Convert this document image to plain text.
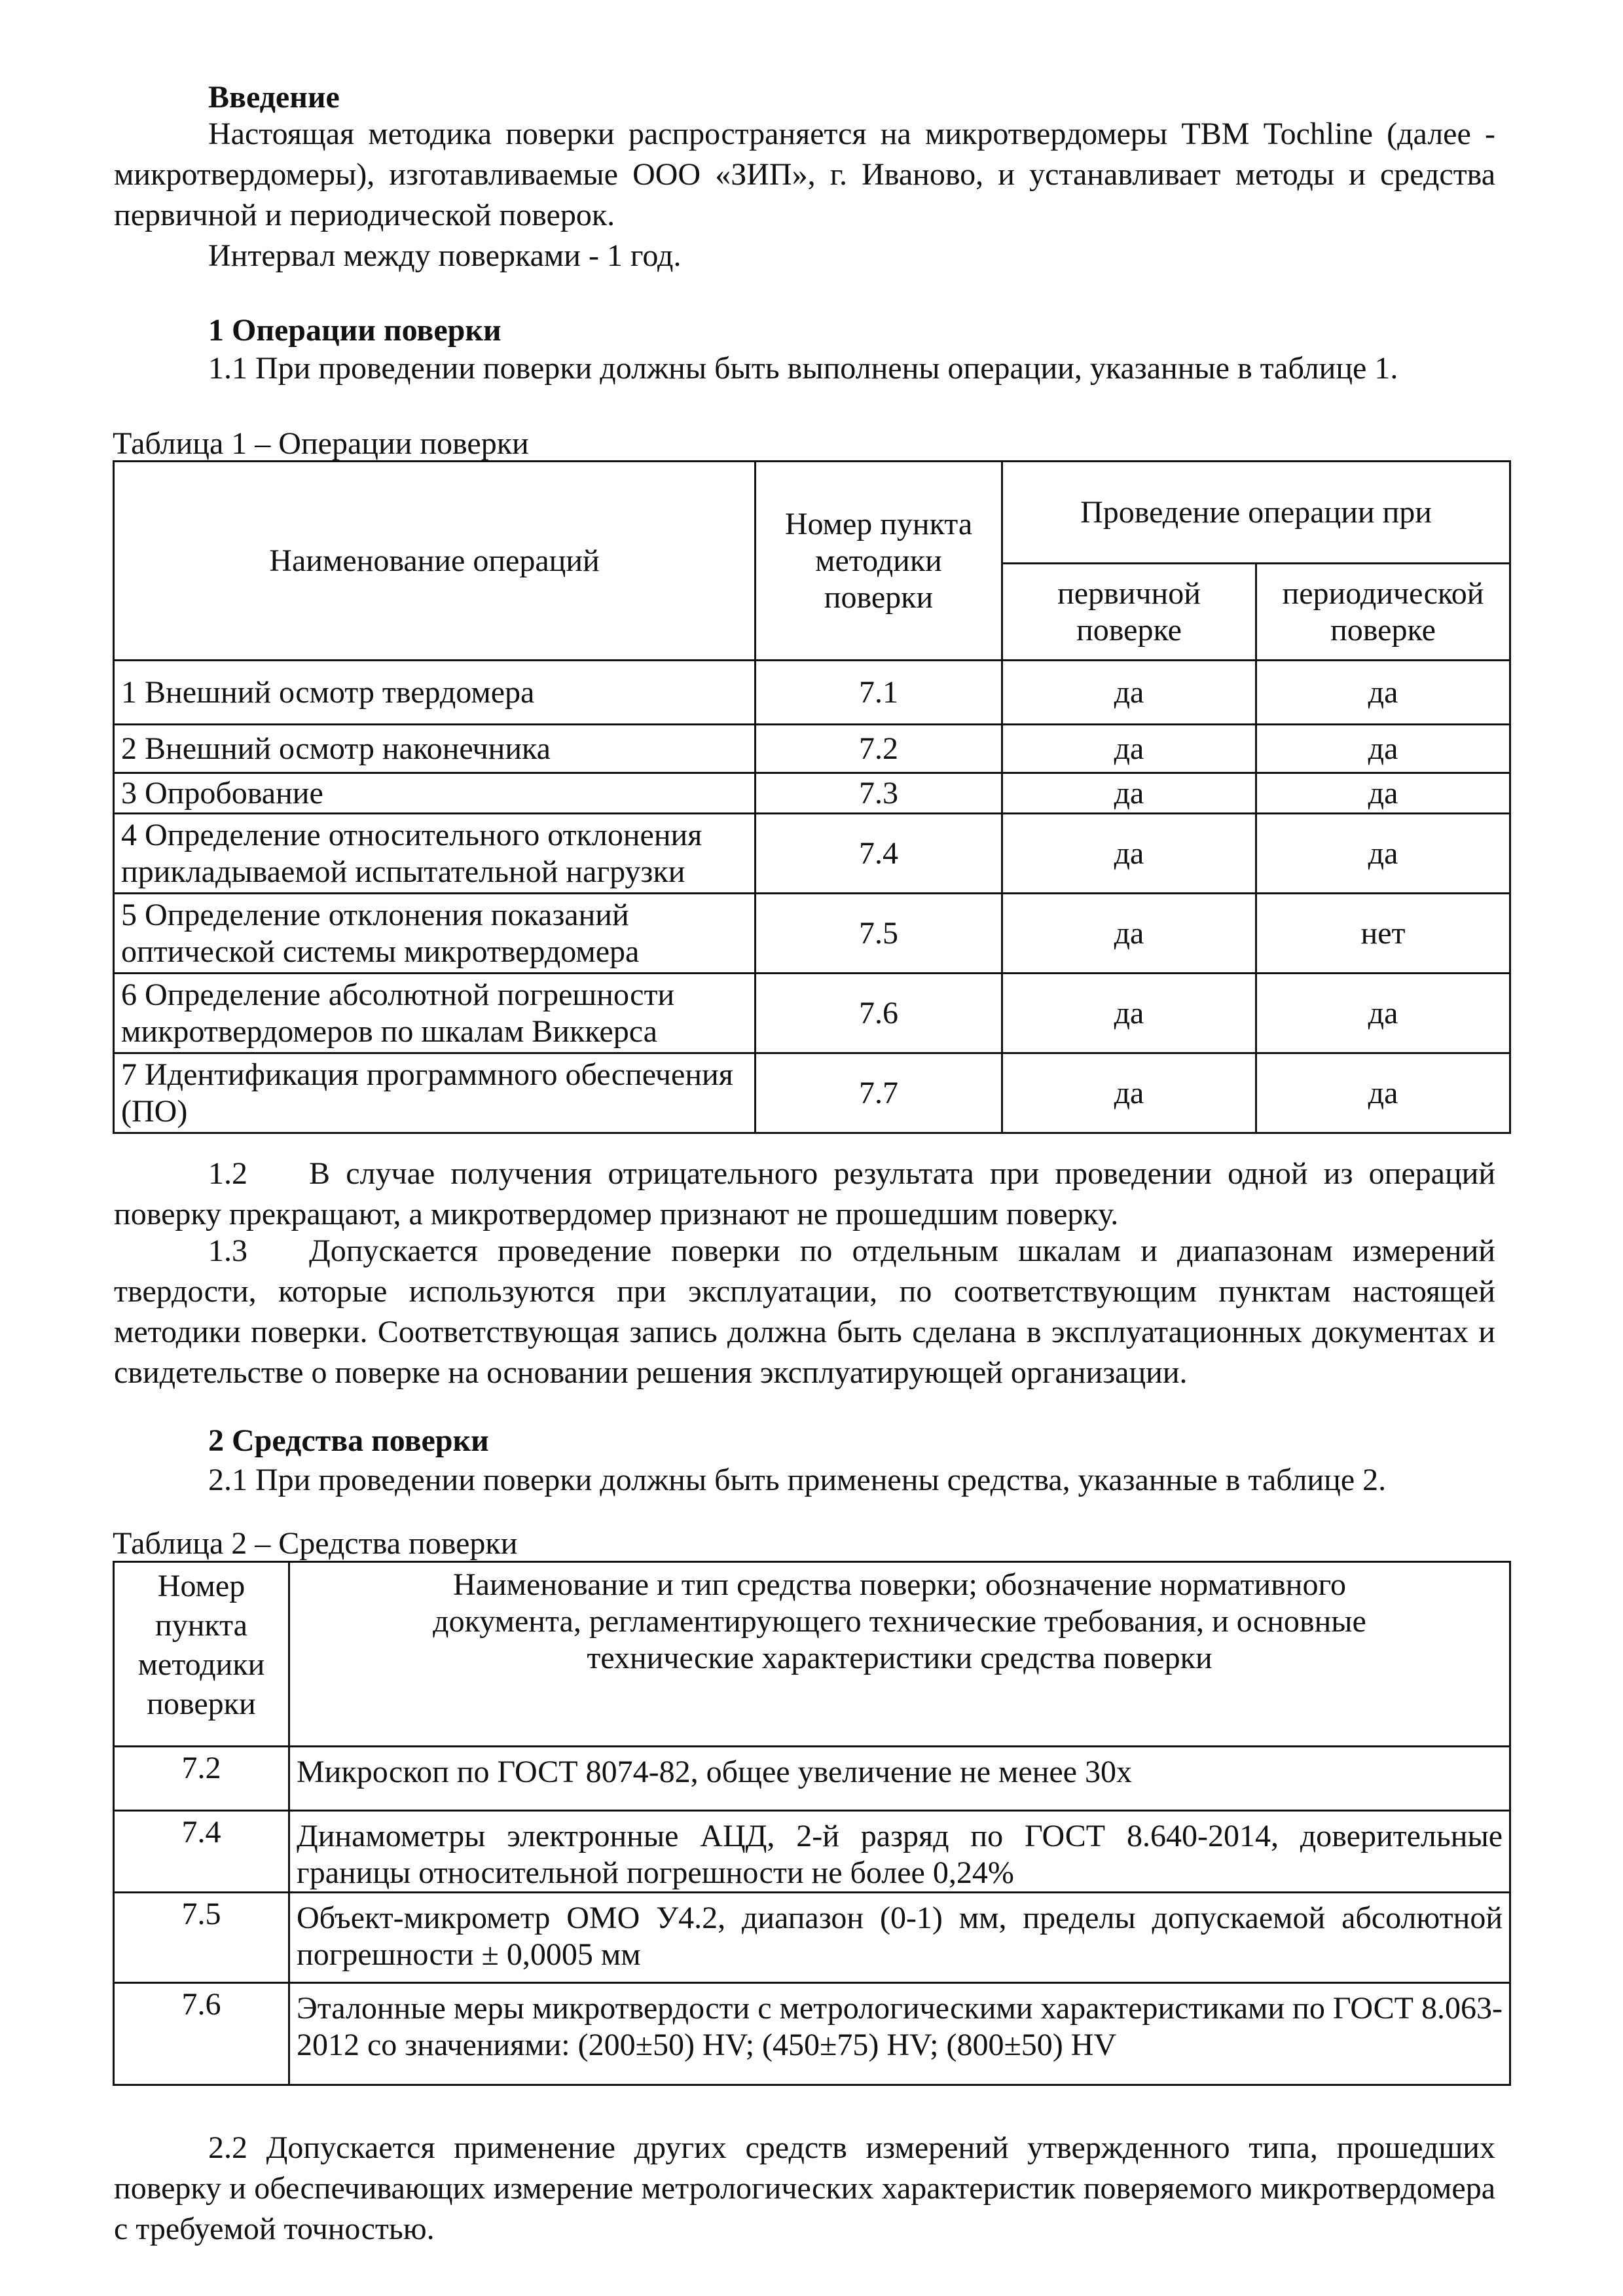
Введение
Настоящая методика поверки распространяется на микротвердомеры ТВМ Tochline (далее - микротвердомеры), изготавливаемые ООО «ЗИП», г. Иваново, и устанавливает методы и средства первичной и периодической поверок.
Интервал между поверками - 1 год.
1 Операции поверки
1.1 При проведении поверки должны быть выполнены операции, указанные в таблице 1.
Таблица 1 – Операции поверки
Наименование операций	Номер пункта методики поверки	Проведение операции при	
		первичной поверке	периодической поверке
1 Внешний осмотр твердомера	7.1	да	да
2 Внешний осмотр наконечника	7.2	да	да
3 Опробование	7.3	да	да
4 Определение относительного отклонения прикладываемой испытательной нагрузки	7.4	да	да
5 Определение отклонения показаний оптической системы микротвердомера	7.5	да	нет
6 Определение абсолютной погрешности микротвердомеров по шкалам Виккерса	7.6	да	да
7 Идентификация программного обеспечения (ПО)	7.7	да	да
1.2 В случае получения отрицательного результата при проведении одной из операций поверку прекращают, а микротвердомер признают не прошедшим поверку.
1.3 Допускается проведение поверки по отдельным шкалам и диапазонам измерений твердости, которые используются при эксплуатации, по соответствующим пунктам настоящей методики поверки. Соответствующая запись должна быть сделана в эксплуатационных документах и свидетельстве о поверке на основании решения эксплуатирующей организации.
2 Средства поверки
2.1 При проведении поверки должны быть применены средства, указанные в таблице 2.
Таблица 2 – Средства поверки
Номер пункта методики поверки	Наименование и тип средства поверки; обозначение нормативного документа, регламентирующего технические требования, и основные технические характеристики средства поверки
7.2	Микроскоп по ГОСТ 8074-82, общее увеличение не менее 30х
7.4	Динамометры электронные АЦД, 2-й разряд по ГОСТ 8.640-2014, доверительные границы относительной погрешности не более 0,24%
7.5	Объект-микрометр ОМО У4.2, диапазон (0-1) мм, пределы допускаемой абсолютной погрешности ± 0,0005 мм
7.6	Эталонные меры микротвердости с метрологическими характеристиками по ГОСТ 8.063-2012 со значениями: (200±50) HV; (450±75) HV; (800±50) HV
2.2 Допускается применение других средств измерений утвержденного типа, прошедших поверку и обеспечивающих измерение метрологических характеристик поверяемого микротвердомера с требуемой точностью.
